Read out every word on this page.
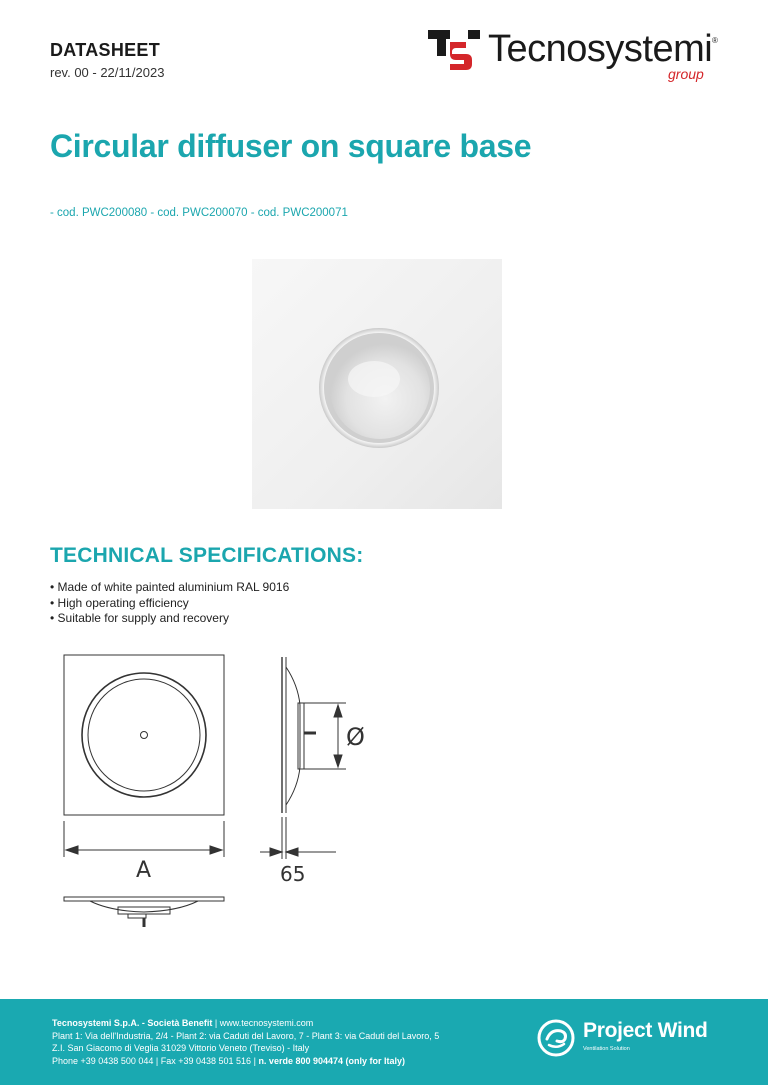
DATASHEET
rev. 00 - 22/11/2023
Tecnosystemi ®
group
Circular diffuser on square base
- cod. PWC200080 - cod. PWC200070 - cod. PWC200071
TECHNICAL SPECIFICATIONS:
• Made of white painted aluminium RAL 9016
• High operating efficiency
• Suitable for supply and recovery
A
Ø
65
Tecnosystemi S.p.A. - Società Benefit | www.tecnosystemi.com
Plant 1: Via dell'Industria, 2/4 - Plant 2: via Caduti del Lavoro, 7 - Plant 3: via Caduti del Lavoro, 5
Z.I. San Giacomo di Veglia 31029 Vittorio Veneto (Treviso) - Italy
Phone +39 0438 500 044 | Fax +39 0438 501 516 | n. verde 800 904474 (only for Italy)
Project Wind
Ventilation Solution
